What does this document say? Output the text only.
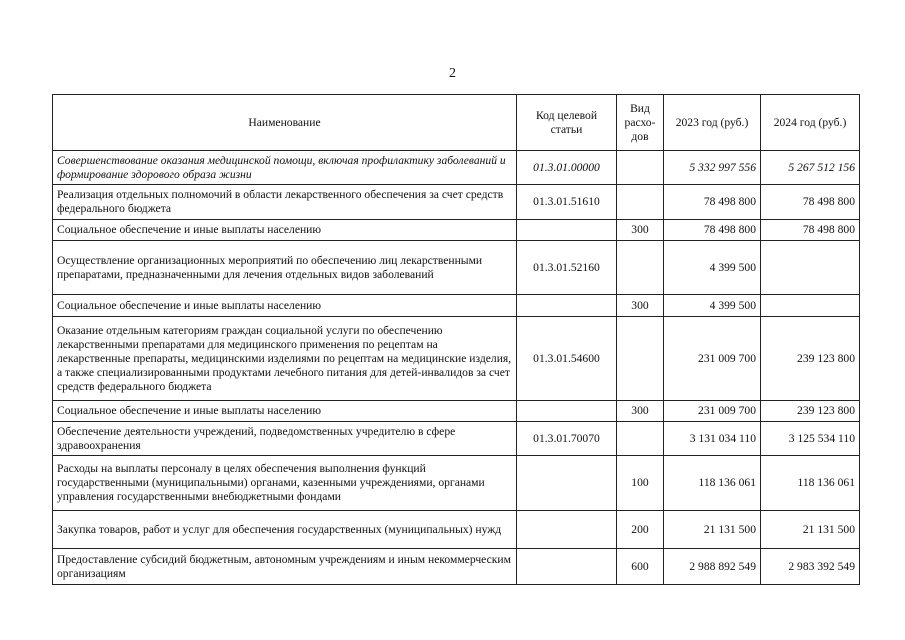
2
Наименование	Код целевой статьи	Вид расхо-дов	2023 год (руб.)	2024 год (руб.)
Совершенствование оказания медицинской помощи, включая профилактику заболеваний и формирование здорового образа жизни	01.3.01.00000		5 332 997 556	5 267 512 156
Реализация отдельных полномочий в области лекарственного обеспечения за счет средств федерального бюджета	01.3.01.51610		78 498 800	78 498 800
Социальное обеспечение и иные выплаты населению		300	78 498 800	78 498 800
Осуществление организационных мероприятий по обеспечению лиц лекарственными препаратами, предназначенными для лечения отдельных видов заболеваний	01.3.01.52160		4 399 500	
Социальное обеспечение и иные выплаты населению		300	4 399 500	
Оказание отдельным категориям граждан социальной услуги по обеспечению лекарственными препаратами для медицинского применения по рецептам на лекарственные препараты, медицинскими изделиями по рецептам на медицинские изделия, а также специализированными продуктами лечебного питания для детей-инвалидов за счет средств федерального бюджета	01.3.01.54600		231 009 700	239 123 800
Социальное обеспечение и иные выплаты населению		300	231 009 700	239 123 800
Обеспечение деятельности учреждений, подведомственных учредителю в сфере здравоохранения	01.3.01.70070		3 131 034 110	3 125 534 110
Расходы на выплаты персоналу в целях обеспечения выполнения функций государственными (муниципальными) органами, казенными учреждениями, органами управления государственными внебюджетными фондами		100	118 136 061	118 136 061
Закупка товаров, работ и услуг для обеспечения государственных (муниципальных) нужд		200	21 131 500	21 131 500
Предоставление субсидий бюджетным, автономным учреждениям и иным некоммерческим организациям		600	2 988 892 549	2 983 392 549
